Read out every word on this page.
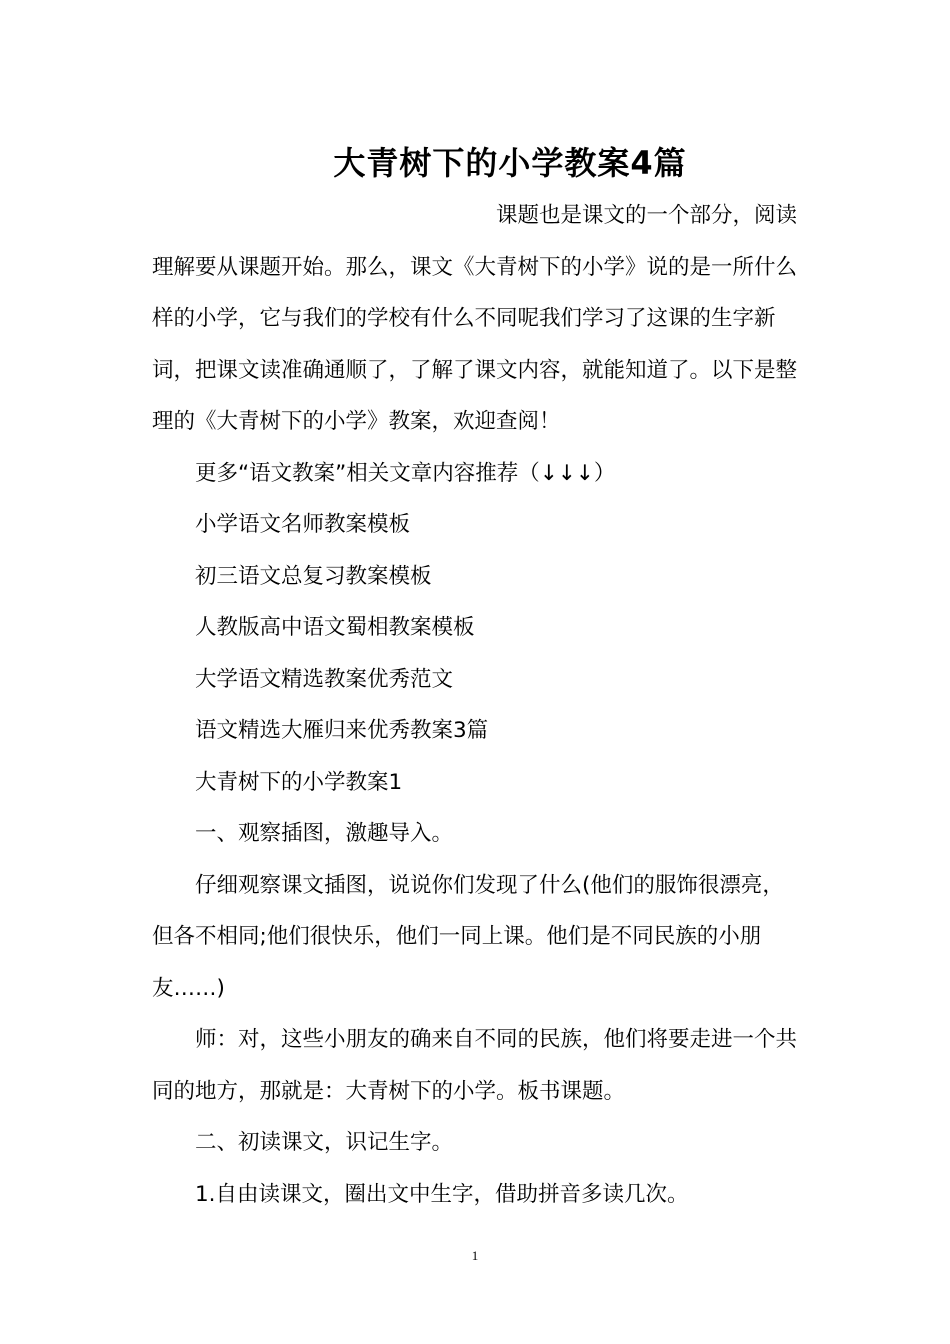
大青树下的小学教案4篇

课题也是课文的一个部分，阅读理解要从课题开始。那么，课文《大青树下的小学》说的是一所什么样的小学，它与我们的学校有什么不同呢我们学习了这课的生字新词，把课文读准确通顺了，了解了课文内容，就能知道了。以下是整理的《大青树下的小学》教案，欢迎查阅！

更多“语文教案”相关文章内容推荐（↓↓↓）

小学语文名师教案模板

初三语文总复习教案模板

人教版高中语文蜀相教案模板

大学语文精选教案优秀范文

语文精选大雁归来优秀教案3篇

大青树下的小学教案1

一、观察插图，激趣导入。

仔细观察课文插图，说说你们发现了什么(他们的服饰很漂亮，但各不相同;他们很快乐，他们一同上课。他们是不同民族的小朋友……)

师：对，这些小朋友的确来自不同的民族，他们将要走进一个共同的地方，那就是：大青树下的小学。板书课题。

二、初读课文，识记生字。

1.自由读课文，圈出文中生字，借助拼音多读几次。

1
